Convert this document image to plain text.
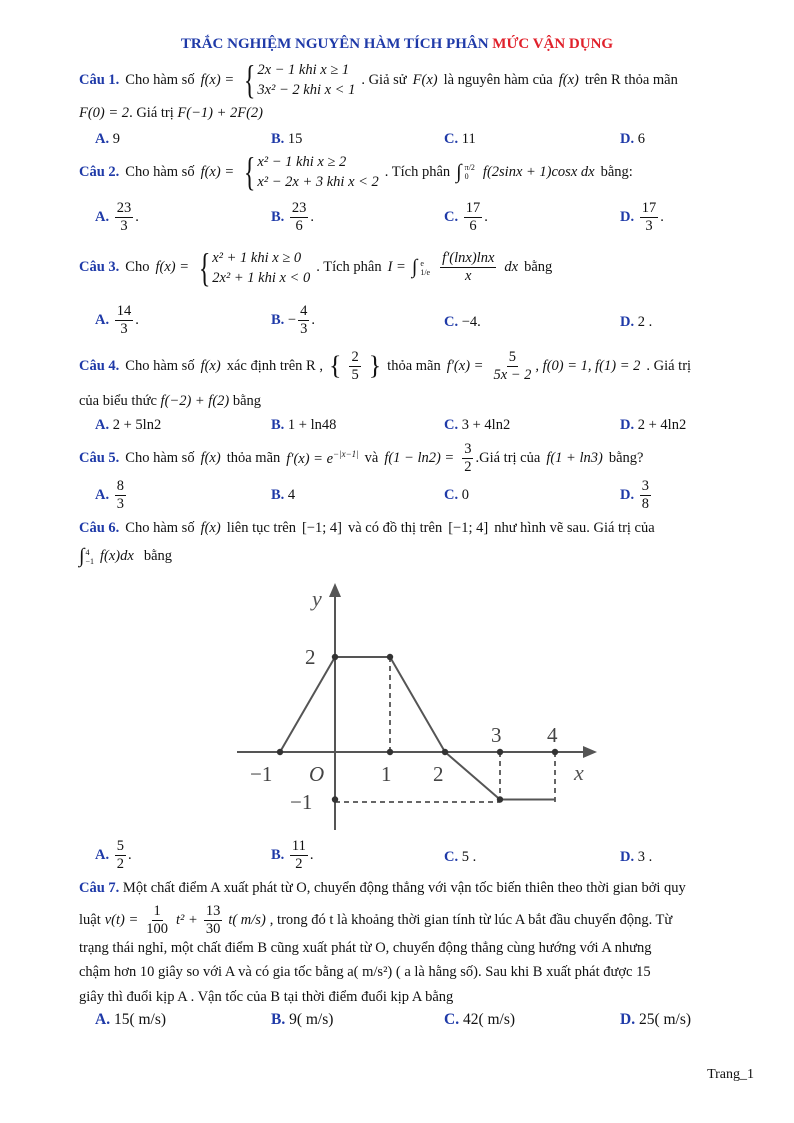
TRẮC NGHIỆM NGUYÊN HÀM TÍCH PHÂN MỨC VẬN DỤNG
Câu 1. Cho hàm số f(x) = { 2x − 1 khi x ≥ 1
3x² − 2 khi x < 1
. Giả sử F(x) là nguyên hàm của f(x) trên R thỏa mãn
F(0) = 2. Giá trị F(−1) + 2F(2)
A. 9	B. 15	C. 11	D. 6
Câu 2. Cho hàm số f(x) = { x² − 1 khi x ≥ 2
x² − 2x + 3 khi x < 2
. Tích phân ∫ π/2
0 f(2sinx + 1)cosx dx bằng:
A. $\frac{23}{3}$ .	B. $\frac{23}{6}$ .	C. $\frac{17}{6}$ .	D. $\frac{17}{3}$ .
Câu 3. Cho f(x) = { x² + 1 khi x ≥ 0
2x² + 1 khi x < 0
. Tích phân I = ∫ e
$1/e \frac{f'(\ln x)\ln x}{x}$ dx bằng
A. $\frac{14}{3}$ .	B. − $\frac{4}{3}$ .	C. −4.	D. 2 .
Câu 4. Cho hàm số f(x) xác định trên R , { $\frac{2}{5}$ } thỏa mãn $f'(x) = \frac{5}{5x - 2}$ , f(0) = 1, f(1) = 2 . Giá trị
của biểu thức f(−2) + f(2) bằng
A. 2 + 5ln2	B. 1 + ln48	C. 3 + 4ln2	D. 2 + 4ln2
Câu 5. Cho hàm số f(x) thỏa mãn $f'(x) = e^{-|x-1|}$ và $f(1 - \ln 2) = \frac{3}{2}$ .Giá trị của f(1 + ln3) bằng?
A. $\frac{8}{3}$	B. 4	C. 0	D. $\frac{3}{8}$
Câu 6. Cho hàm số f(x) liên tục trên [−1; 4] và có đồ thị trên [−1; 4] như hình vẽ sau. Giá trị của
∫ 4
−1 f(x)dx bằng
y
x
O
−1	1 2
3 4
2
−1
A. $\frac{5}{2}$ .	B. $\frac{11}{2}$ .	C. 5 .	D. 3 .
Câu 7. Một chất điểm A xuất phát từ O, chuyển động thẳng với vận tốc biến thiên theo thời gian bởi quy
luật $v(t) = \frac{1}{100} t^2 + \frac{13}{30} t$( m/s) , trong đó t là khoảng thời gian tính từ lúc A bắt đầu chuyển động. Từ
trạng thái nghỉ, một chất điểm B cũng xuất phát từ O, chuyển động thẳng cùng hướng với A nhưng
chậm hơn 10 giây so với A và có gia tốc bằng a( m/s²) ( a là hằng số). Sau khi B xuất phát được 15
giây thì đuổi kịp A . Vận tốc của B tại thời điểm đuổi kịp A bằng
A. 15( m/s)	B. 9( m/s)	C. 42( m/s)	D. 25( m/s)
Trang_1
